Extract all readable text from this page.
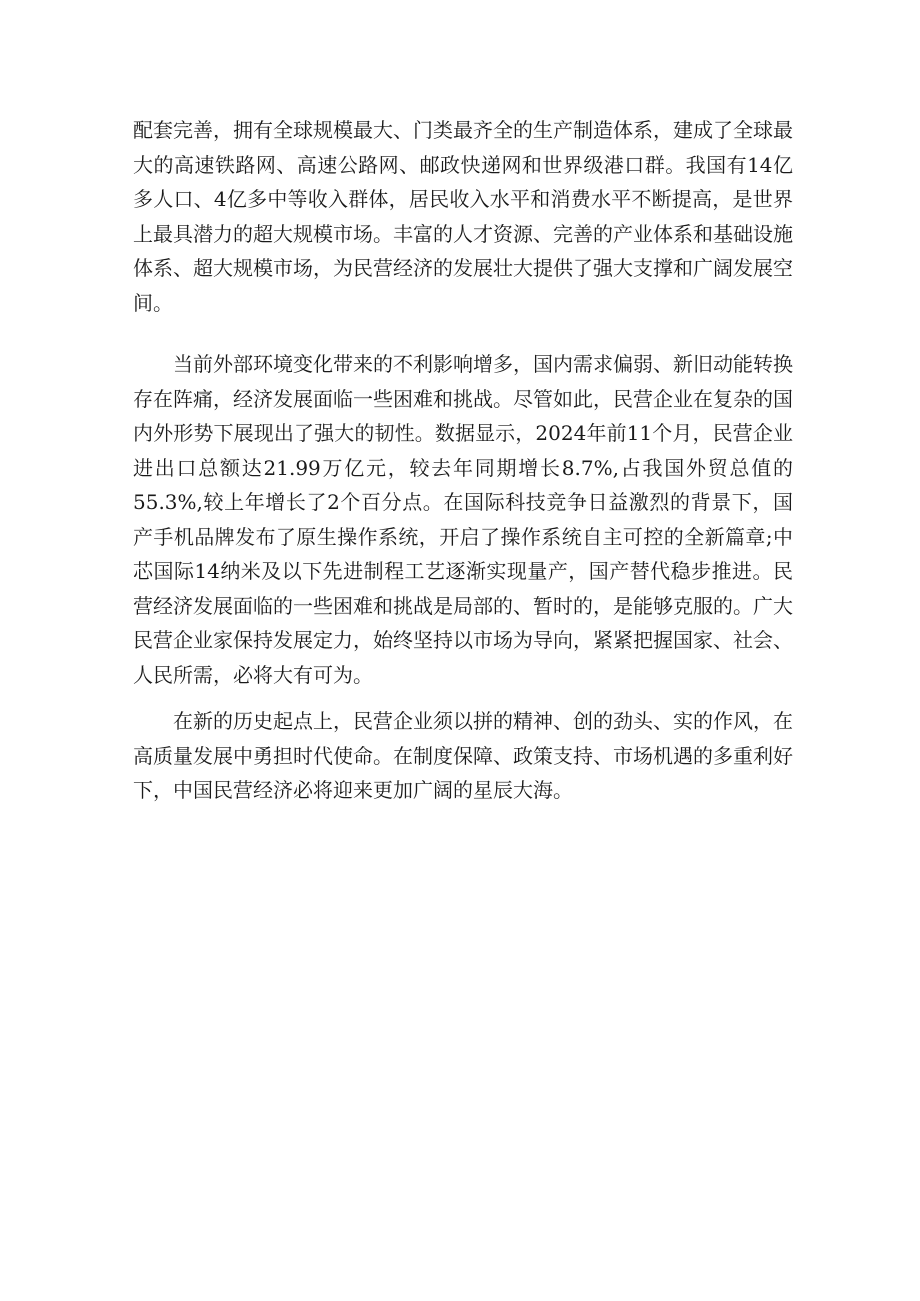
配套完善，拥有全球规模最大、门类最齐全的生产制造体系，建成了全球最大的高速铁路网、高速公路网、邮政快递网和世界级港口群。我国有14亿多人口、4亿多中等收入群体，居民收入水平和消费水平不断提高，是世界上最具潜力的超大规模市场。丰富的人才资源、完善的产业体系和基础设施体系、超大规模市场，为民营经济的发展壮大提供了强大支撑和广阔发展空间。

当前外部环境变化带来的不利影响增多，国内需求偏弱、新旧动能转换存在阵痛，经济发展面临一些困难和挑战。尽管如此，民营企业在复杂的国内外形势下展现出了强大的韧性。数据显示，2024年前11个月，民营企业进出口总额达21.99万亿元，较去年同期增长8.7%,占我国外贸总值的55.3%,较上年增长了2个百分点。在国际科技竞争日益激烈的背景下，国产手机品牌发布了原生操作系统，开启了操作系统自主可控的全新篇章;中芯国际14纳米及以下先进制程工艺逐渐实现量产，国产替代稳步推进。民营经济发展面临的一些困难和挑战是局部的、暂时的，是能够克服的。广大民营企业家保持发展定力，始终坚持以市场为导向，紧紧把握国家、社会、人民所需，必将大有可为。

在新的历史起点上，民营企业须以拼的精神、创的劲头、实的作风，在高质量发展中勇担时代使命。在制度保障、政策支持、市场机遇的多重利好下，中国民营经济必将迎来更加广阔的星辰大海。
